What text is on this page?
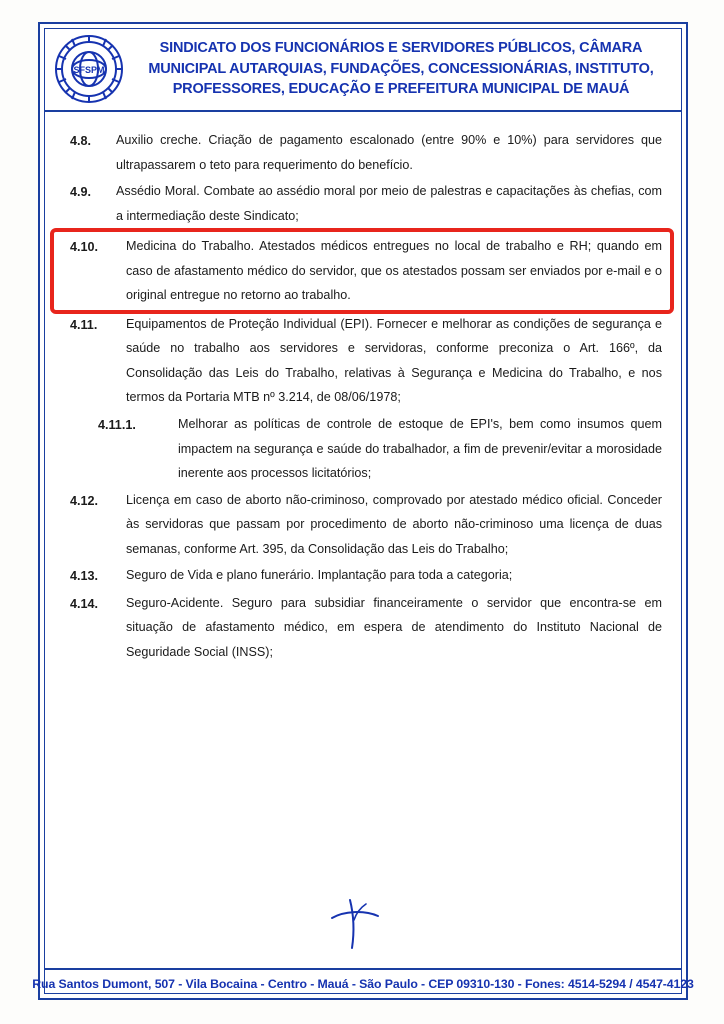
SFSPM
SINDICATO DOS FUNCIONÁRIOS E SERVIDORES PÚBLICOS, CÂMARA
MUNICIPAL AUTARQUIAS, FUNDAÇÕES, CONCESSIONÁRIAS, INSTITUTO,
PROFESSORES, EDUCAÇÃO E PREFEITURA MUNICIPAL DE MAUÁ
4.8.	Auxilio creche. Criação de pagamento escalonado (entre 90% e 10%) para servidores que ultrapassarem o teto para requerimento do benefício.
4.9.	Assédio Moral. Combate ao assédio moral por meio de palestras e capacitações às chefias, com a intermediação deste Sindicato;
4.10.	Medicina do Trabalho. Atestados médicos entregues no local de trabalho e RH; quando em caso de afastamento médico do servidor, que os atestados possam ser enviados por e-mail e o original entregue no retorno ao trabalho.
4.11.	Equipamentos de Proteção Individual (EPI). Fornecer e melhorar as condições de segurança e saúde no trabalho aos servidores e servidoras, conforme preconiza o Art. 166º, da Consolidação das Leis do Trabalho, relativas à Segurança e Medicina do Trabalho, e nos termos da Portaria MTB nº 3.214, de 08/06/1978;
4.11.1.	Melhorar as políticas de controle de estoque de EPI's, bem como insumos quem impactem na segurança e saúde do trabalhador, a fim de prevenir/evitar a morosidade inerente aos processos licitatórios;
4.12.	Licença em caso de aborto não-criminoso, comprovado por atestado médico oficial. Conceder às servidoras que passam por procedimento de aborto não-criminoso uma licença de duas semanas, conforme Art. 395, da Consolidação das Leis do Trabalho;
4.13.	Seguro de Vida e plano funerário. Implantação para toda a categoria;
4.14.	Seguro-Acidente. Seguro para subsidiar financeiramente o servidor que encontra-se em situação de afastamento médico, em espera de atendimento do Instituto Nacional de Seguridade Social (INSS);
Rua Santos Dumont, 507 - Vila Bocaina - Centro - Mauá - São Paulo - CEP 09310-130 - Fones: 4514-5294 / 4547-4123
